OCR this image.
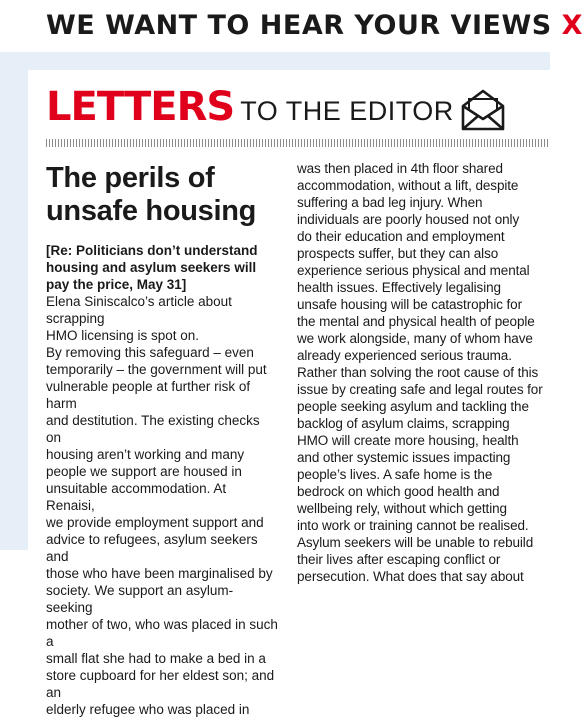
WE WANT TO HEAR YOUR VIEWS X
LETTERS TO THE EDITOR
The perils of unsafe housing

[Re: Politicians don’t understand housing and asylum seekers will pay the price, May 31]

Elena Siniscalco’s article about scrapping

HMO licensing is spot on.

By removing this safeguard – even

temporarily – the government will put

vulnerable people at further risk of harm

and destitution. The existing checks on

housing aren’t working and many

people we support are housed in

unsuitable accommodation. At Renaisi,

we provide employment support and

advice to refugees, asylum seekers and

those who have been marginalised by

society. We support an asylum-seeking

mother of two, who was placed in such a

small flat she had to make a bed in a

store cupboard for her eldest son; and an

elderly refugee who was placed in

was then placed in 4th floor shared

accommodation, without a lift, despite

suffering a bad leg injury. When

individuals are poorly housed not only

do their education and employment

prospects suffer, but they can also

experience serious physical and mental

health issues. Effectively legalising

unsafe housing will be catastrophic for

the mental and physical health of people

we work alongside, many of whom have

already experienced serious trauma.

Rather than solving the root cause of this

issue by creating safe and legal routes for

people seeking asylum and tackling the

backlog of asylum claims, scrapping

HMO will create more housing, health

and other systemic issues impacting

people’s lives. A safe home is the

bedrock on which good health and

wellbeing rely, without which getting

into work or training cannot be realised.

Asylum seekers will be unable to rebuild

their lives after escaping conflict or

persecution. What does that say about
